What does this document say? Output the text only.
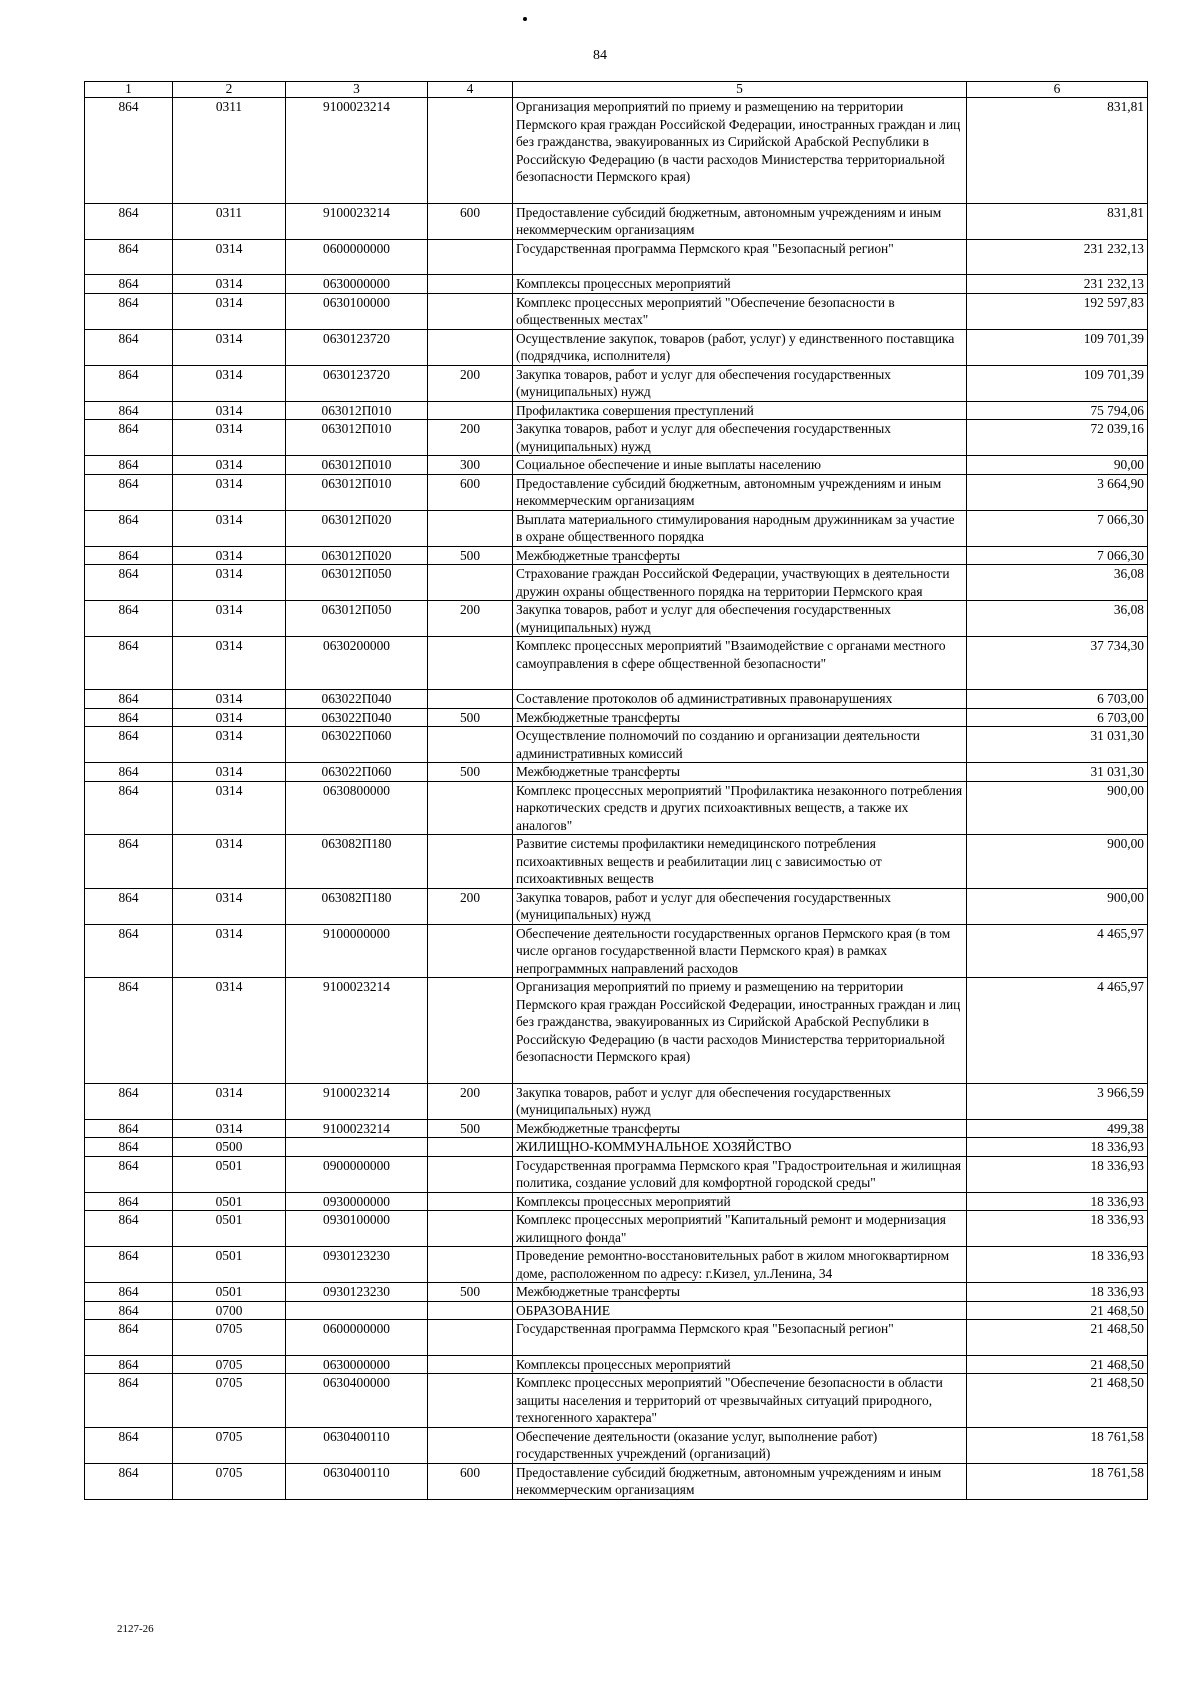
84
1	2	3	4	5	6
864	0311	9100023214		Организация мероприятий по приему и размещению на территории Пермского края граждан Российской Федерации, иностранных граждан и лиц без гражданства, эвакуированных из Сирийской Арабской Республики в Российскую Федерацию (в части расходов Министерства территориальной безопасности Пермского края)	831,81
864	0311	9100023214	600	Предоставление субсидий бюджетным, автономным учреждениям и иным некоммерческим организациям	831,81
864	0314	0600000000		Государственная программа Пермского края "Безопасный регион"	231 232,13
864	0314	0630000000		Комплексы процессных мероприятий	231 232,13
864	0314	0630100000		Комплекс процессных мероприятий "Обеспечение безопасности в общественных местах"	192 597,83
864	0314	0630123720		Осуществление закупок, товаров (работ, услуг) у единственного поставщика (подрядчика, исполнителя)	109 701,39
864	0314	0630123720	200	Закупка товаров, работ и услуг для обеспечения государственных (муниципальных) нужд	109 701,39
864	0314	063012П010		Профилактика совершения преступлений	75 794,06
864	0314	063012П010	200	Закупка товаров, работ и услуг для обеспечения государственных (муниципальных) нужд	72 039,16
864	0314	063012П010	300	Социальное обеспечение и иные выплаты населению	90,00
864	0314	063012П010	600	Предоставление субсидий бюджетным, автономным учреждениям и иным некоммерческим организациям	3 664,90
864	0314	063012П020		Выплата материального стимулирования народным дружинникам за участие в охране общественного порядка	7 066,30
864	0314	063012П020	500	Межбюджетные трансферты	7 066,30
864	0314	063012П050		Страхование граждан Российской Федерации, участвующих в деятельности дружин охраны общественного порядка на территории Пермского края	36,08
864	0314	063012П050	200	Закупка товаров, работ и услуг для обеспечения государственных (муниципальных) нужд	36,08
864	0314	0630200000		Комплекс процессных мероприятий "Взаимодействие с органами местного самоуправления в сфере общественной безопасности"	37 734,30
864	0314	063022П040		Составление протоколов об административных правонарушениях	6 703,00
864	0314	063022П040	500	Межбюджетные трансферты	6 703,00
864	0314	063022П060		Осуществление полномочий по созданию и организации деятельности административных комиссий	31 031,30
864	0314	063022П060	500	Межбюджетные трансферты	31 031,30
864	0314	0630800000		Комплекс процессных мероприятий "Профилактика незаконного потребления наркотических средств и других психоактивных веществ, а также их аналогов"	900,00
864	0314	063082П180		Развитие системы профилактики немедицинского потребления психоактивных веществ и реабилитации лиц с зависимостью от психоактивных веществ	900,00
864	0314	063082П180	200	Закупка товаров, работ и услуг для обеспечения государственных (муниципальных) нужд	900,00
864	0314	9100000000		Обеспечение деятельности государственных органов Пермского края (в том числе органов государственной власти Пермского края) в рамках непрограммных направлений расходов	4 465,97
864	0314	9100023214		Организация мероприятий по приему и размещению на территории Пермского края граждан Российской Федерации, иностранных граждан и лиц без гражданства, эвакуированных из Сирийской Арабской Республики в Российскую Федерацию (в части расходов Министерства территориальной безопасности Пермского края)	4 465,97
864	0314	9100023214	200	Закупка товаров, работ и услуг для обеспечения государственных (муниципальных) нужд	3 966,59
864	0314	9100023214	500	Межбюджетные трансферты	499,38
864	0500			ЖИЛИЩНО-КОММУНАЛЬНОЕ ХОЗЯЙСТВО	18 336,93
864	0501	0900000000		Государственная программа Пермского края "Градостроительная и жилищная политика, создание условий для комфортной городской среды"	18 336,93
864	0501	0930000000		Комплексы процессных мероприятий	18 336,93
864	0501	0930100000		Комплекс процессных мероприятий "Капитальный ремонт и модернизация жилищного фонда"	18 336,93
864	0501	0930123230		Проведение ремонтно-восстановительных работ в жилом многоквартирном доме, расположенном по адресу: г.Кизел, ул.Ленина, 34	18 336,93
864	0501	0930123230	500	Межбюджетные трансферты	18 336,93
864	0700			ОБРАЗОВАНИЕ	21 468,50
864	0705	0600000000		Государственная программа Пермского края "Безопасный регион"	21 468,50
864	0705	0630000000		Комплексы процессных мероприятий	21 468,50
864	0705	0630400000		Комплекс процессных мероприятий "Обеспечение безопасности в области защиты населения и территорий от чрезвычайных ситуаций природного, техногенного характера"	21 468,50
864	0705	0630400110		Обеспечение деятельности (оказание услуг, выполнение работ) государственных учреждений (организаций)	18 761,58
864	0705	0630400110	600	Предоставление субсидий бюджетным, автономным учреждениям и иным некоммерческим организациям	18 761,58
2127-26
